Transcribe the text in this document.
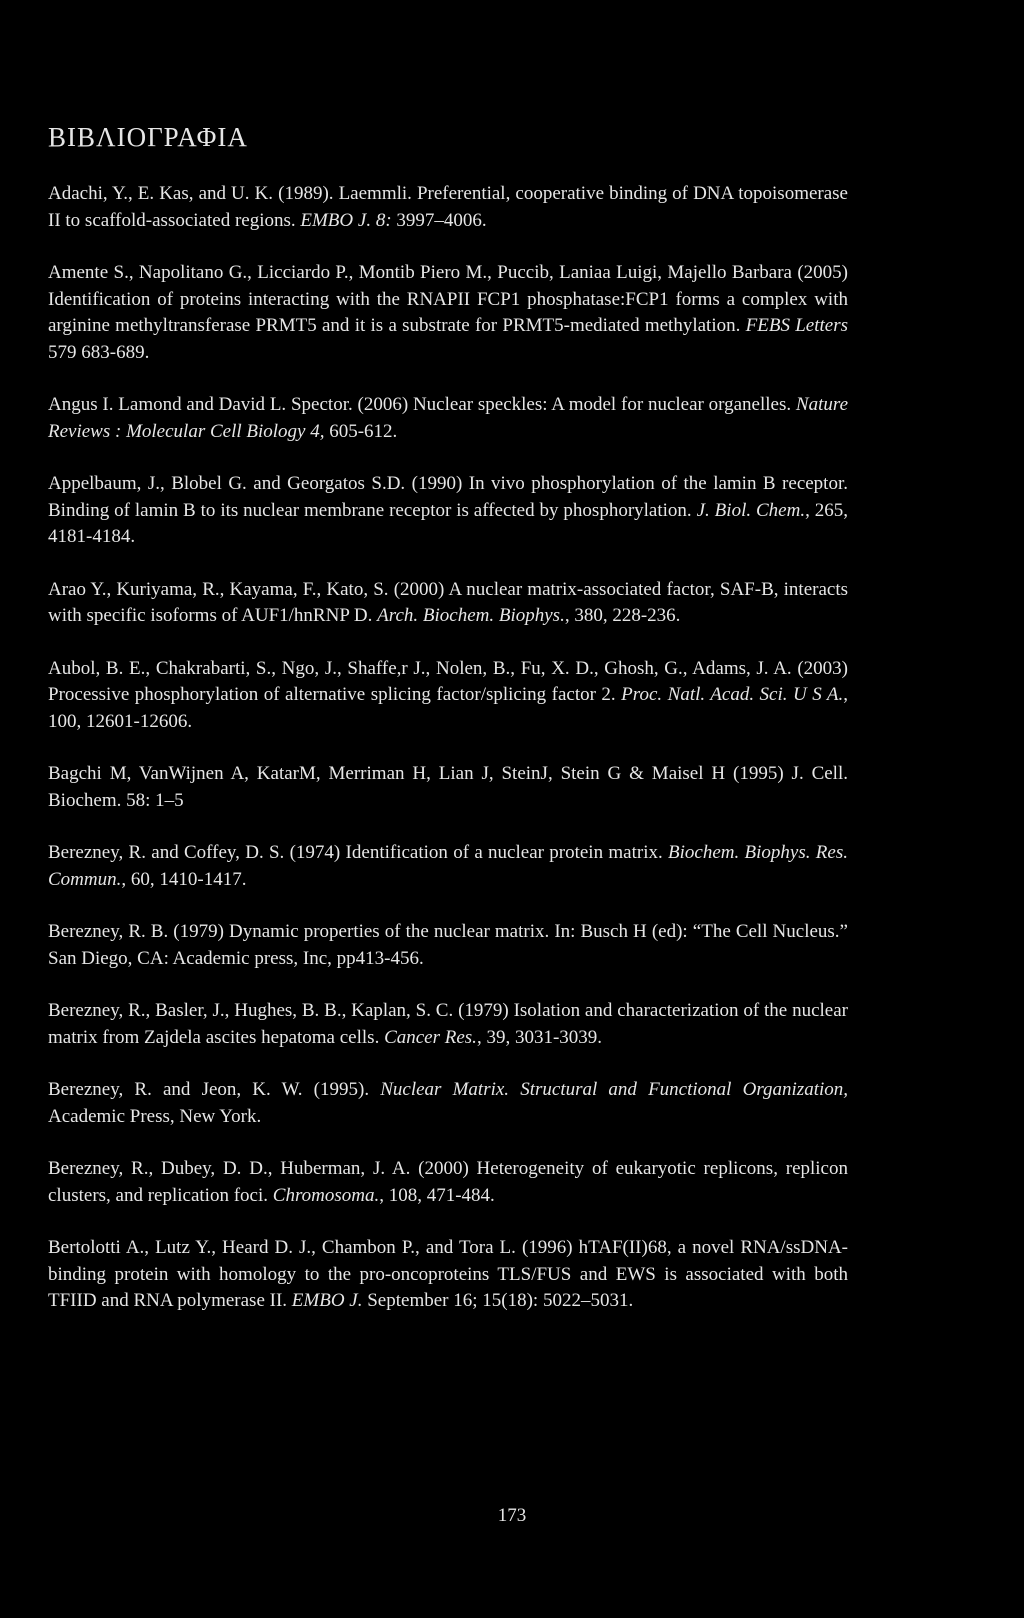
ΒΙΒΛΙΟΓΡΑΦΙΑ
Adachi, Y., E. Kas, and U. K. (1989). Laemmli. Preferential, cooperative binding of DNA topoisomerase II to scaffold-associated regions. EMBO J. 8: 3997–4006.
Amente S., Napolitano G., Licciardo P., Montib Piero M., Puccib, Laniaa Luigi, Majello Barbara (2005) Identification of proteins interacting with the RNAPII FCP1 phosphatase:FCP1 forms a complex with arginine methyltransferase PRMT5 and it is a substrate for PRMT5-mediated methylation. FEBS Letters 579 683-689.
Angus I. Lamond and David L. Spector. (2006) Nuclear speckles: A model for nuclear organelles. Nature Reviews : Molecular Cell Biology 4, 605-612.
Appelbaum, J., Blobel G. and Georgatos S.D. (1990) In vivo phosphorylation of the lamin B receptor. Binding of lamin B to its nuclear membrane receptor is affected by phosphorylation. J. Biol. Chem., 265, 4181-4184.
Arao Y., Kuriyama, R., Kayama, F., Kato, S. (2000) A nuclear matrix-associated factor, SAF-B, interacts with specific isoforms of AUF1/hnRNP D. Arch. Biochem. Biophys., 380, 228-236.
Aubol, B. E., Chakrabarti, S., Ngo, J., Shaffe,r J., Nolen, B., Fu, X. D., Ghosh, G., Adams, J. A. (2003) Processive phosphorylation of alternative splicing factor/splicing factor 2. Proc. Natl. Acad. Sci. U S A., 100, 12601-12606.
Bagchi M, VanWijnen A, KatarM, Merriman H, Lian J, SteinJ, Stein G & Maisel H (1995) J. Cell. Biochem. 58: 1–5
Berezney, R. and Coffey, D. S. (1974) Identification of a nuclear protein matrix. Biochem. Biophys. Res. Commun., 60, 1410-1417.
Berezney, R. B. (1979) Dynamic properties of the nuclear matrix. In: Busch H (ed): “The Cell Nucleus.” San Diego, CA: Academic press, Inc, pp413-456.
Berezney, R., Basler, J., Hughes, B. B., Kaplan, S. C. (1979) Isolation and characterization of the nuclear matrix from Zajdela ascites hepatoma cells. Cancer Res., 39, 3031-3039.
Berezney, R. and Jeon, K. W. (1995). Nuclear Matrix. Structural and Functional Organization, Academic Press, New York.
Berezney, R., Dubey, D. D., Huberman, J. A. (2000) Heterogeneity of eukaryotic replicons, replicon clusters, and replication foci. Chromosoma., 108, 471-484.
Bertolotti A., Lutz Y., Heard D. J., Chambon P., and Tora L. (1996) hTAF(II)68, a novel RNA/ssDNA-binding protein with homology to the pro-oncoproteins TLS/FUS and EWS is associated with both TFIID and RNA polymerase II. EMBO J. September 16; 15(18): 5022–5031.
173
